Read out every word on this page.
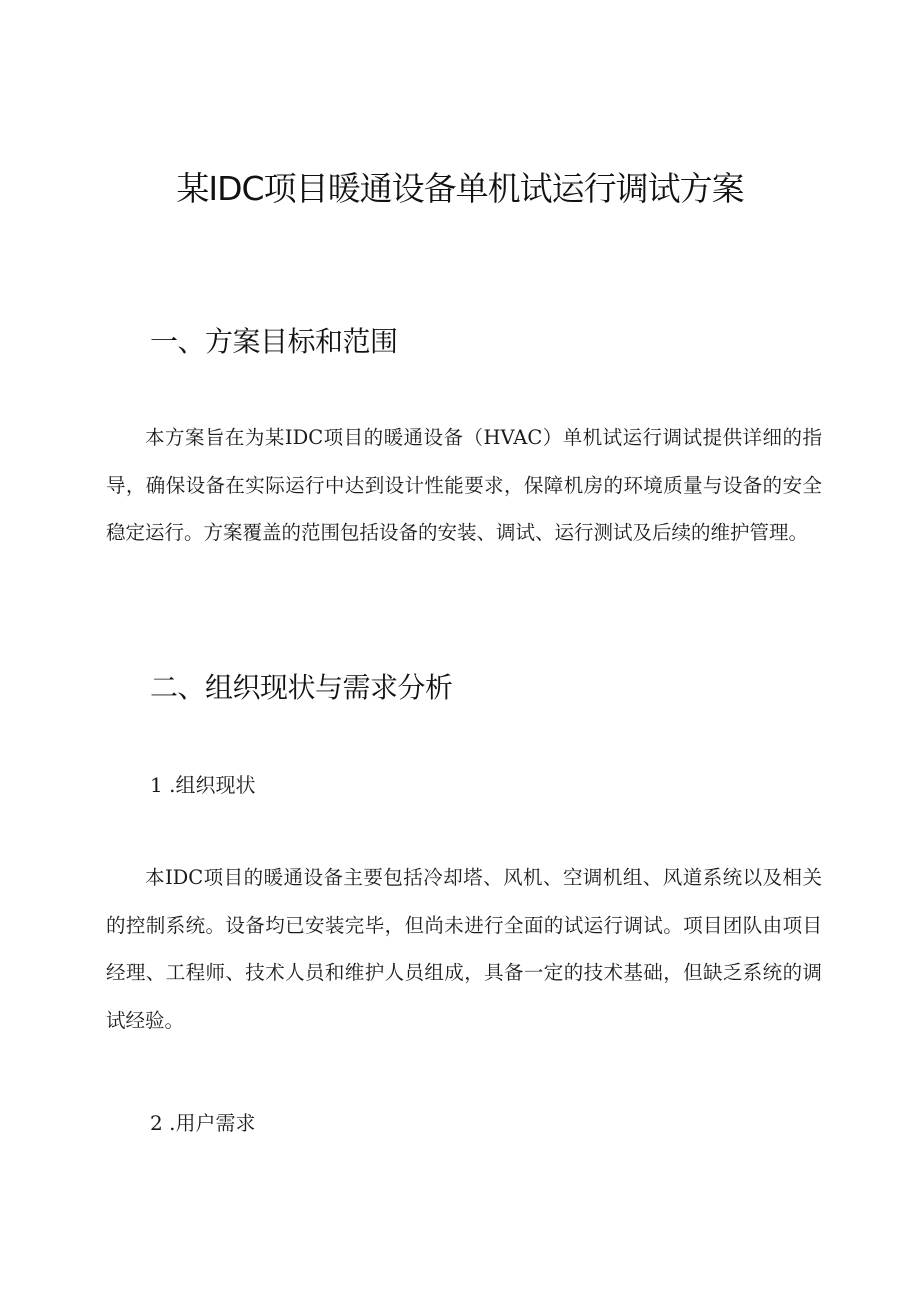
某IDC项目暖通设备单机试运行调试方案
一、方案目标和范围

本方案旨在为某IDC项目的暖通设备（HVAC）单机试运行调试提供详细的指导，确保设备在实际运行中达到设计性能要求，保障机房的环境质量与设备的安全稳定运行。方案覆盖的范围包括设备的安装、调试、运行测试及后续的维护管理。

二、组织现状与需求分析
1 .组织现状

本IDC项目的暖通设备主要包括冷却塔、风机、空调机组、风道系统以及相关的控制系统。设备均已安装完毕，但尚未进行全面的试运行调试。项目团队由项目经理、工程师、技术人员和维护人员组成，具备一定的技术基础，但缺乏系统的调试经验。

2 .用户需求
